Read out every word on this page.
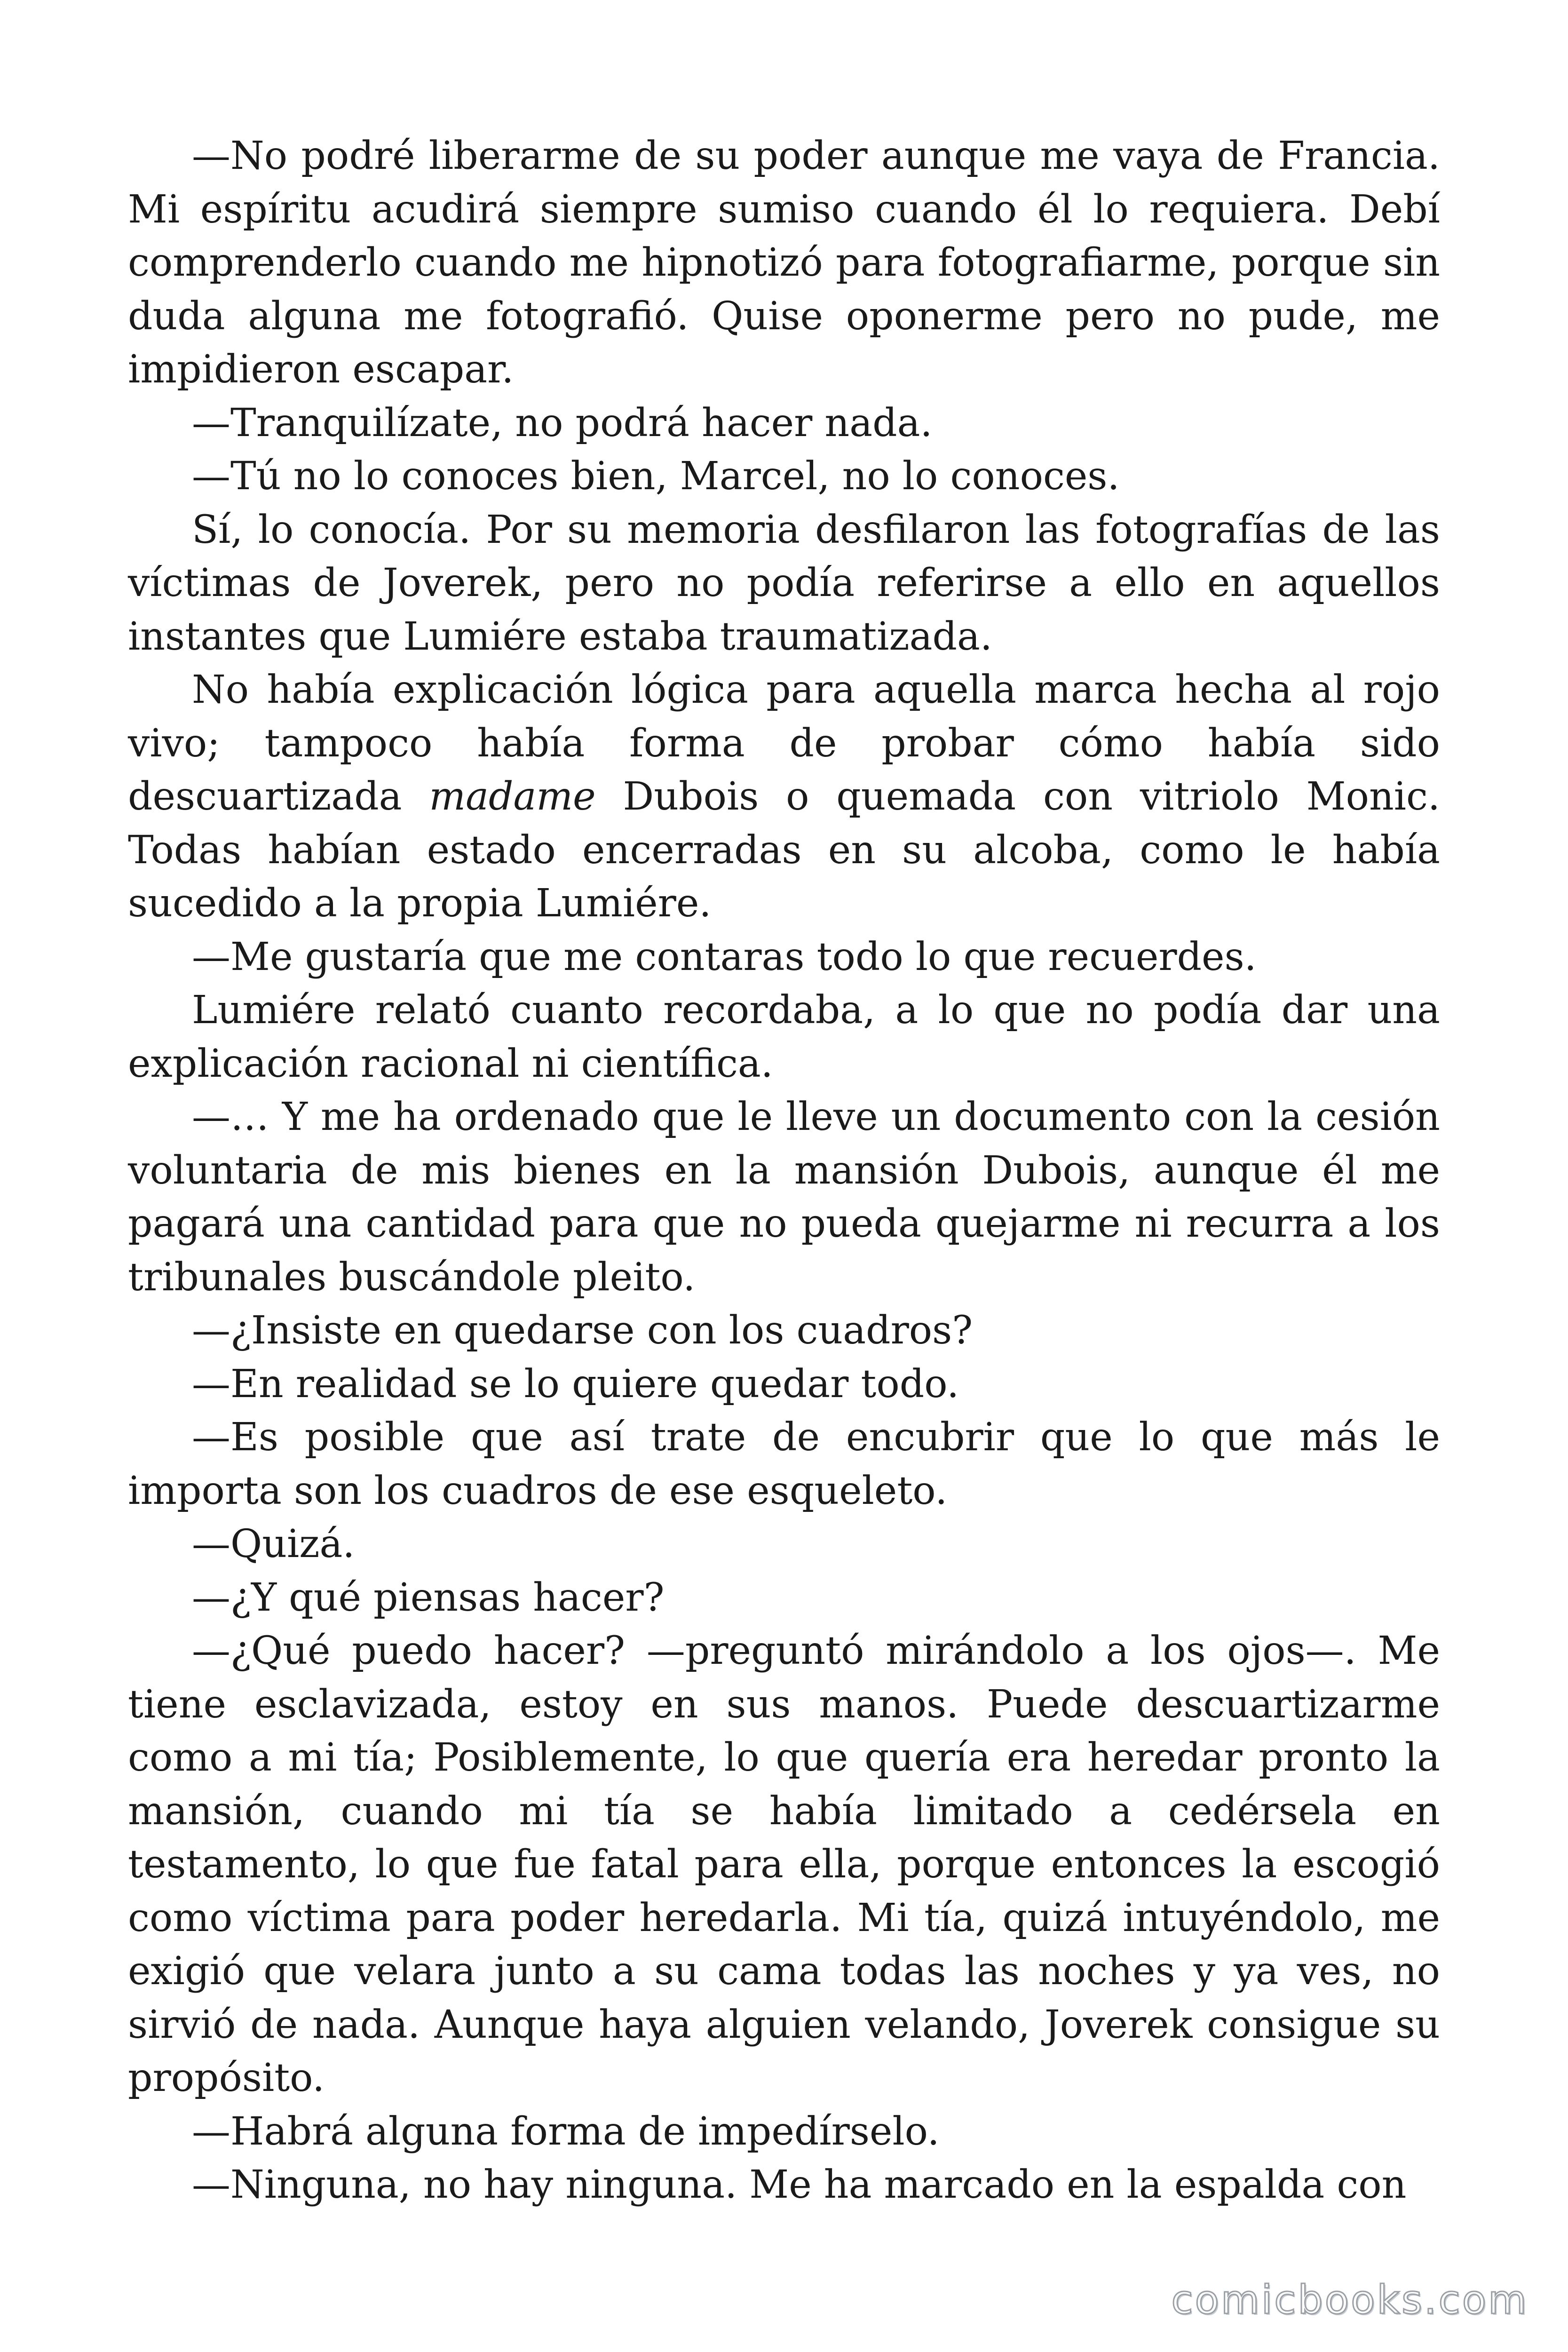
—No podré liberarme de su poder aunque me vaya de Francia. Mi espíritu acudirá siempre sumiso cuando él lo requiera. Debí comprenderlo cuando me hipnotizó para fotografiarme, porque sin duda alguna me fotografió. Quise oponerme pero no pude, me impidieron escapar.

—Tranquilízate, no podrá hacer nada.

—Tú no lo conoces bien, Marcel, no lo conoces.

Sí, lo conocía. Por su memoria desfilaron las fotografías de las víctimas de Joverek, pero no podía referirse a ello en aquellos instantes que Lumiére estaba traumatizada.

No había explicación lógica para aquella marca hecha al rojo vivo; tampoco había forma de probar cómo había sido descuartizada madame Dubois o quemada con vitriolo Monic. Todas habían estado encerradas en su alcoba, como le había sucedido a la propia Lumiére.

—Me gustaría que me contaras todo lo que recuerdes.

Lumiére relató cuanto recordaba, a lo que no podía dar una explicación racional ni científica.

—… Y me ha ordenado que le lleve un documento con la cesión voluntaria de mis bienes en la mansión Dubois, aunque él me pagará una cantidad para que no pueda quejarme ni recurra a los tribunales buscándole pleito.

—¿Insiste en quedarse con los cuadros?

—En realidad se lo quiere quedar todo.

—Es posible que así trate de encubrir que lo que más le importa son los cuadros de ese esqueleto.

—Quizá.

—¿Y qué piensas hacer?

—¿Qué puedo hacer? —preguntó mirándolo a los ojos—. Me tiene esclavizada, estoy en sus manos. Puede descuartizarme como a mi tía; Posiblemente, lo que quería era heredar pronto la mansión, cuando mi tía se había limitado a cedérsela en testamento, lo que fue fatal para ella, porque entonces la escogió como víctima para poder heredarla. Mi tía, quizá intuyéndolo, me exigió que velara junto a su cama todas las noches y ya ves, no sirvió de nada. Aunque haya alguien velando, Joverek consigue su propósito.

—Habrá alguna forma de impedírselo.

—Ninguna, no hay ninguna. Me ha marcado en la espalda con

comicbooks.com
